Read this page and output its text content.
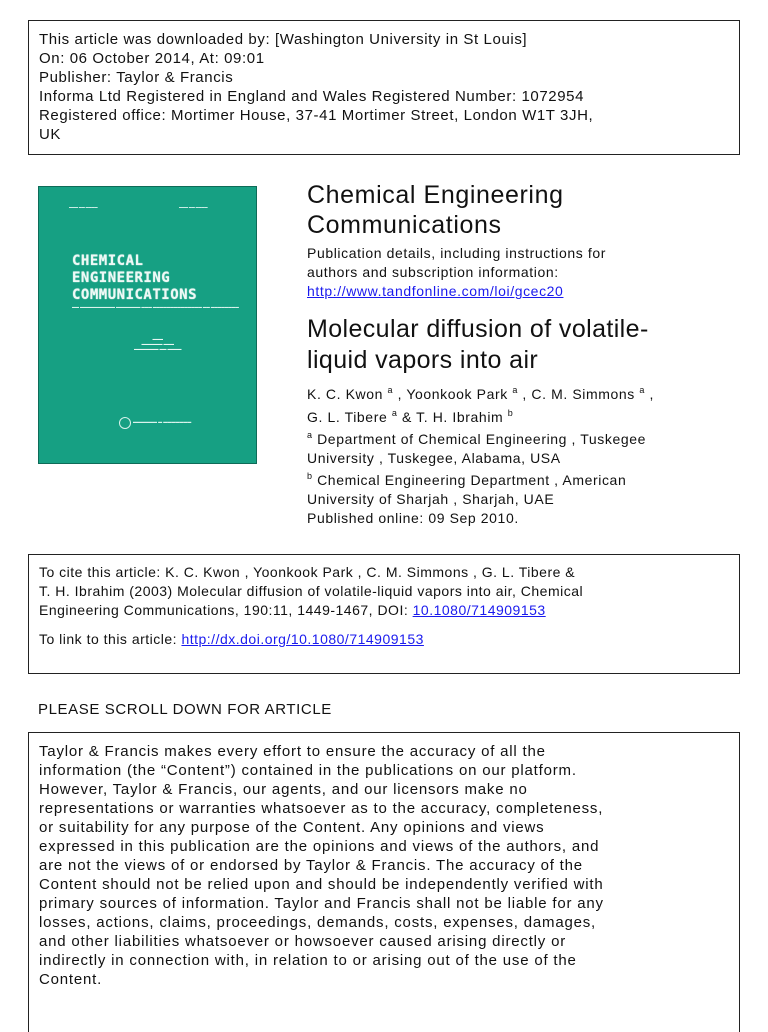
This article was downloaded by: [Washington University in St Louis]
On: 06 October 2014, At: 09:01
Publisher: Taylor & Francis
Informa Ltd Registered in England and Wales Registered Number: 1072954
Registered office: Mortimer House, 37-41 Mortimer Street, London W1T 3JH,
UK
▬▬▬ ▬▬ ▬▬▬▬	▬▬▬ ▬▬ ▬▬▬▬
CHEMICAL
ENGINEERING
COMMUNICATIONS
▬▬ ▬▬▬▬▬▬▬▬▬▬ ▬▬▬▬▬▬▬ ▬▬▬ ▬▬▬▬▬▬▬▬▬▬▬▬▬▬ ▬▬ ▬▬▬▬▬▬▬▬
▬▬▬
▬▬▬▬▬▬ ▬▬▬
▬▬▬▬▬▬▬ ▬▬ ▬▬▬▬
▬▬▬▬▬▬ ▬ ▬▬▬▬▬▬▬
Chemical Engineering
Communications
Publication details, including instructions for
authors and subscription information:
http://www.tandfonline.com/loi/gcec20
Molecular diffusion of volatile-
liquid vapors into air
K. C. Kwon $^a$ , Yoonkook Park $^a$ , C. M. Simmons $^a$ ,
G. L. Tibere $^a$ & T. H. Ibrahim $^b$
$^a$ Department of Chemical Engineering , Tuskegee
University , Tuskegee, Alabama, USA
$^b$ Chemical Engineering Department , American
University of Sharjah , Sharjah, UAE
Published online: 09 Sep 2010.
To cite this article: K. C. Kwon , Yoonkook Park , C. M. Simmons , G. L. Tibere &
T. H. Ibrahim (2003) Molecular diffusion of volatile-liquid vapors into air, Chemical
Engineering Communications, 190:11, 1449-1467, DOI: 10.1080/714909153
To link to this article: http://dx.doi.org/10.1080/714909153
PLEASE SCROLL DOWN FOR ARTICLE
Taylor & Francis makes every effort to ensure the accuracy of all the
information (the “Content”) contained in the publications on our platform.
However, Taylor & Francis, our agents, and our licensors make no
representations or warranties whatsoever as to the accuracy, completeness,
or suitability for any purpose of the Content. Any opinions and views
expressed in this publication are the opinions and views of the authors, and
are not the views of or endorsed by Taylor & Francis. The accuracy of the
Content should not be relied upon and should be independently verified with
primary sources of information. Taylor and Francis shall not be liable for any
losses, actions, claims, proceedings, demands, costs, expenses, damages,
and other liabilities whatsoever or howsoever caused arising directly or
indirectly in connection with, in relation to or arising out of the use of the
Content.
